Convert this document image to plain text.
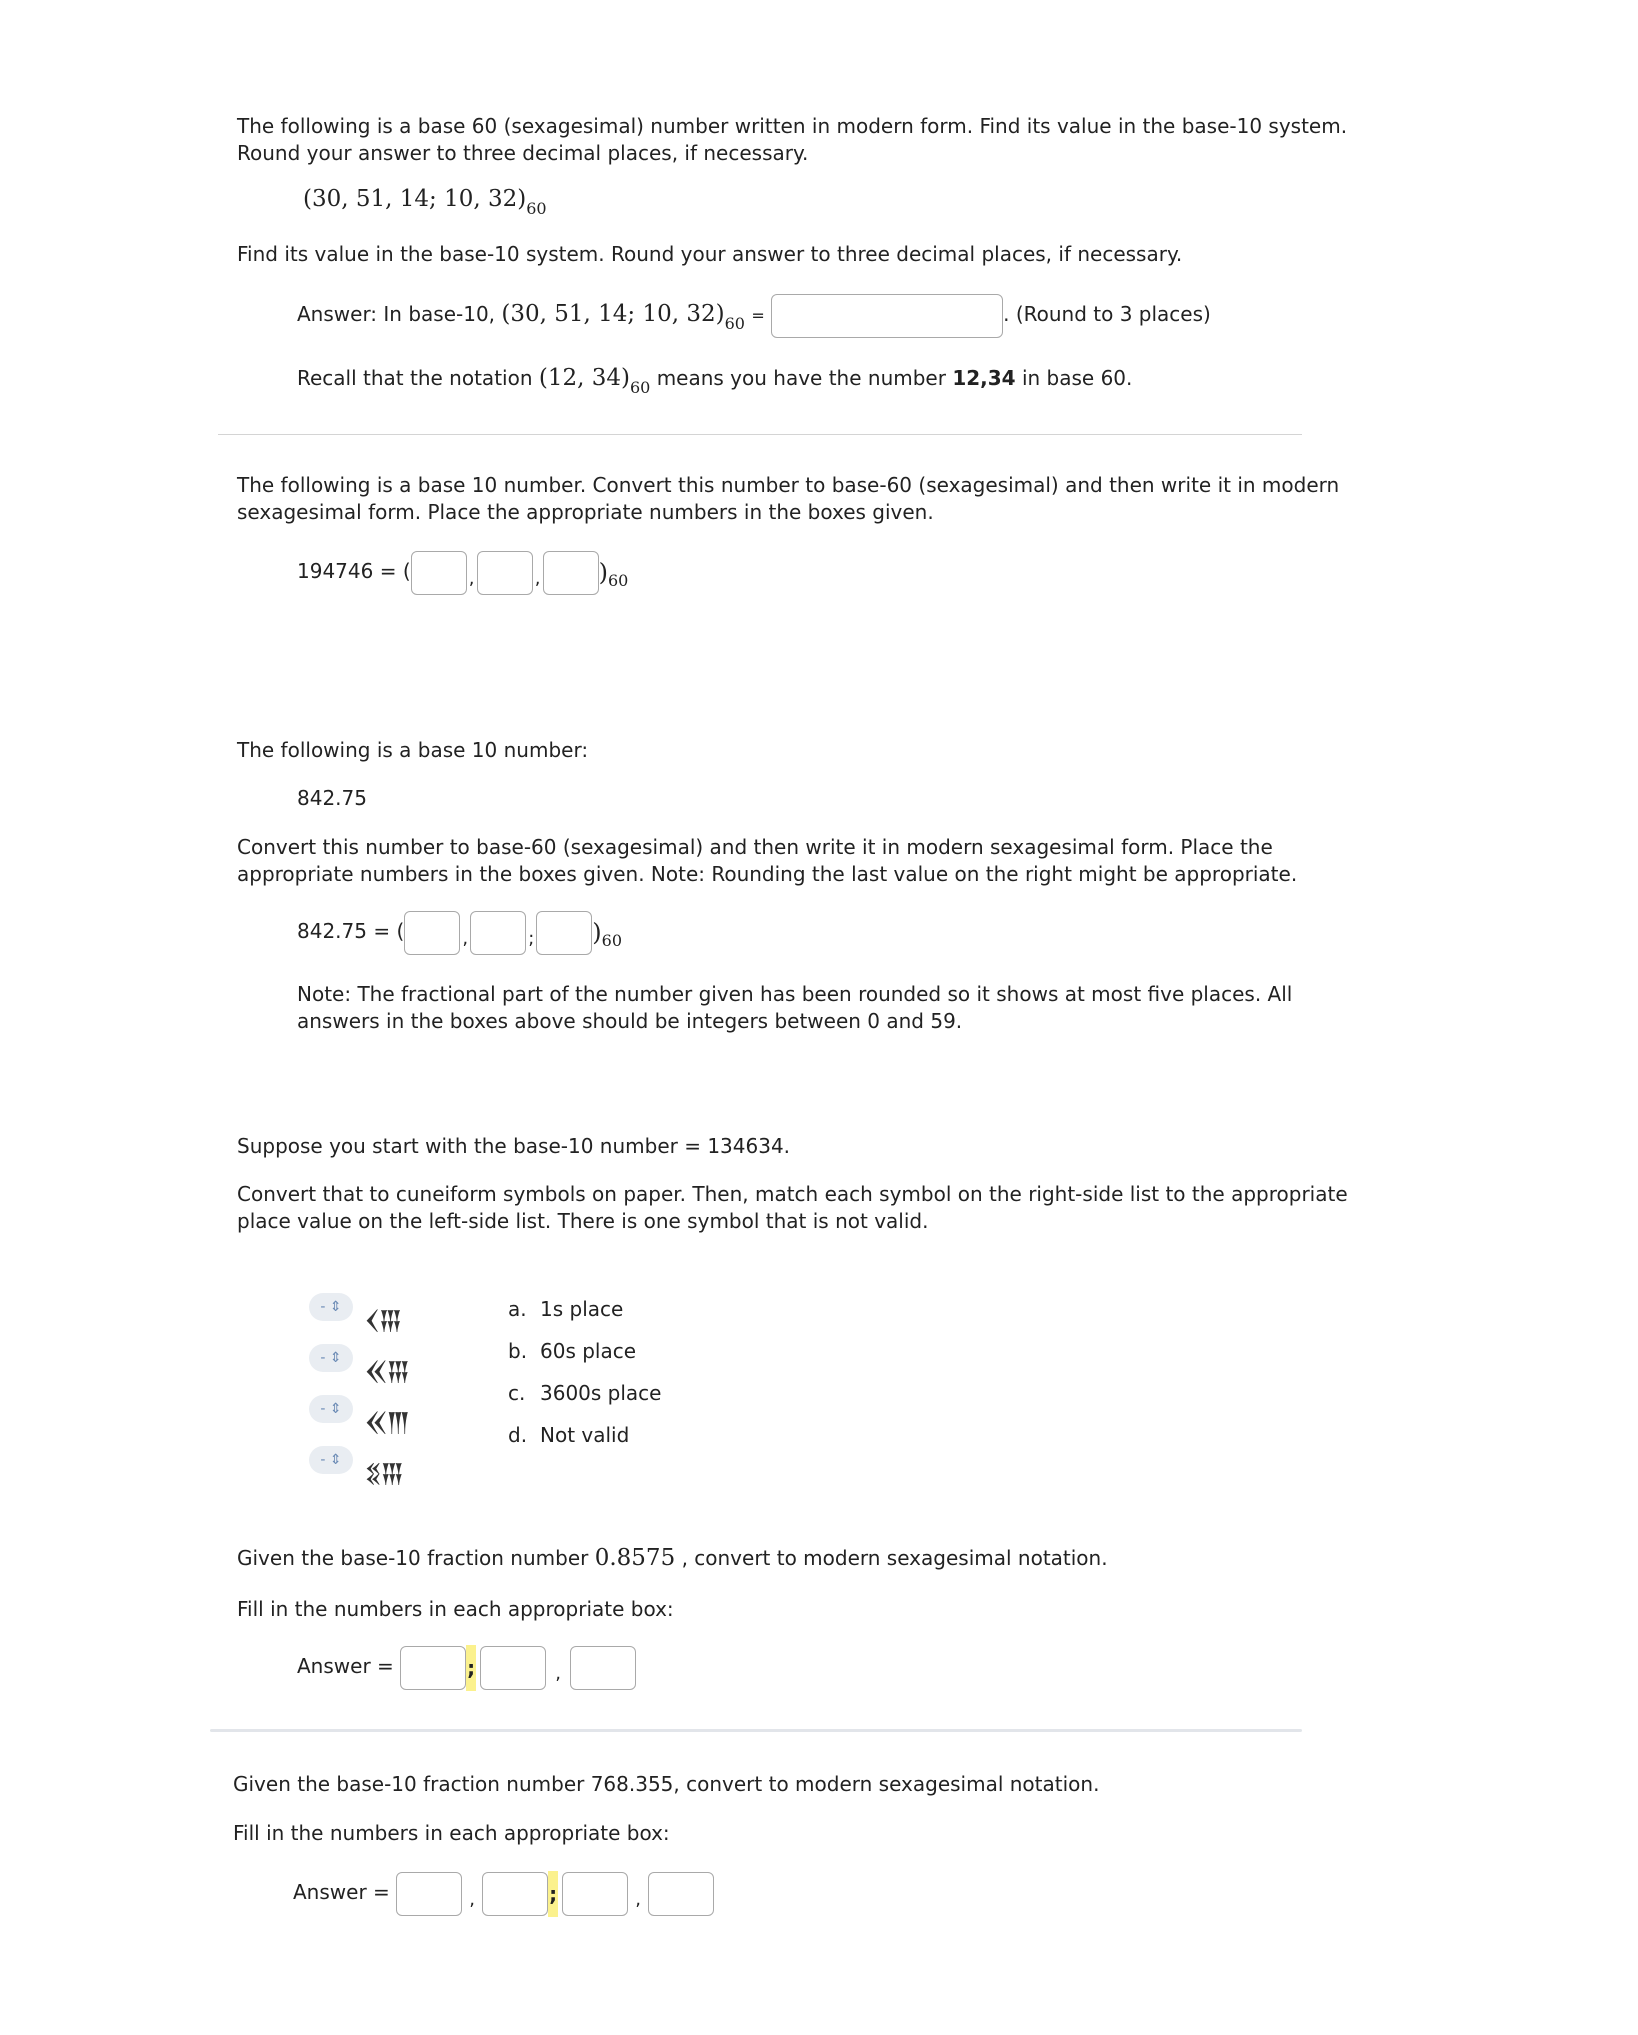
The following is a base 60 (sexagesimal) number written in modern form. Find its value in the base-10 system.
Round your answer to three decimal places, if necessary.
(30, 51, 14; 10, $32)_{60}$
Find its value in the base-10 system. Round your answer to three decimal places, if necessary.
Answer: In base-10, (30, 51, 14; 10, $32)_{60}$ =	. (Round to 3 places)
Recall that the notation (12, $34)_{60}$ means you have the number 12,34 in base 60.
The following is a base 10 number. Convert this number to base-60 (sexagesimal) and then write it in modern
sexagesimal form. Place the appropriate numbers in the boxes given.
194746 = (	,	, )$_{60}$
The following is a base 10 number:
842.75
Convert this number to base-60 (sexagesimal) and then write it in modern sexagesimal form. Place the
appropriate numbers in the boxes given. Note: Rounding the last value on the right might be appropriate.
842.75 = (	,	; )$_{60}$
Note: The fractional part of the number given has been rounded so it shows at most five places. All
answers in the boxes above should be integers between 0 and 59.
Suppose you start with the base-10 number = 134634.
Convert that to cuneiform symbols on paper. Then, match each symbol on the right-side list to the appropriate
place value on the left-side list. There is one symbol that is not valid.
- ⇕ 𒌋𒐋
- ⇕ 𒎙𒐋
- ⇕ 𒎙𒐈
- ⇕ 𒐏𒐋
a. 1s place
b. 60s place
c. 3600s place
d. Not valid
Given the base-10 fraction number 0.8575 , convert to modern sexagesimal notation.
Fill in the numbers in each appropriate box:
Answer =	;	,
Given the base-10 fraction number 768.355, convert to modern sexagesimal notation.
Fill in the numbers in each appropriate box:
Answer =	,	;	,
